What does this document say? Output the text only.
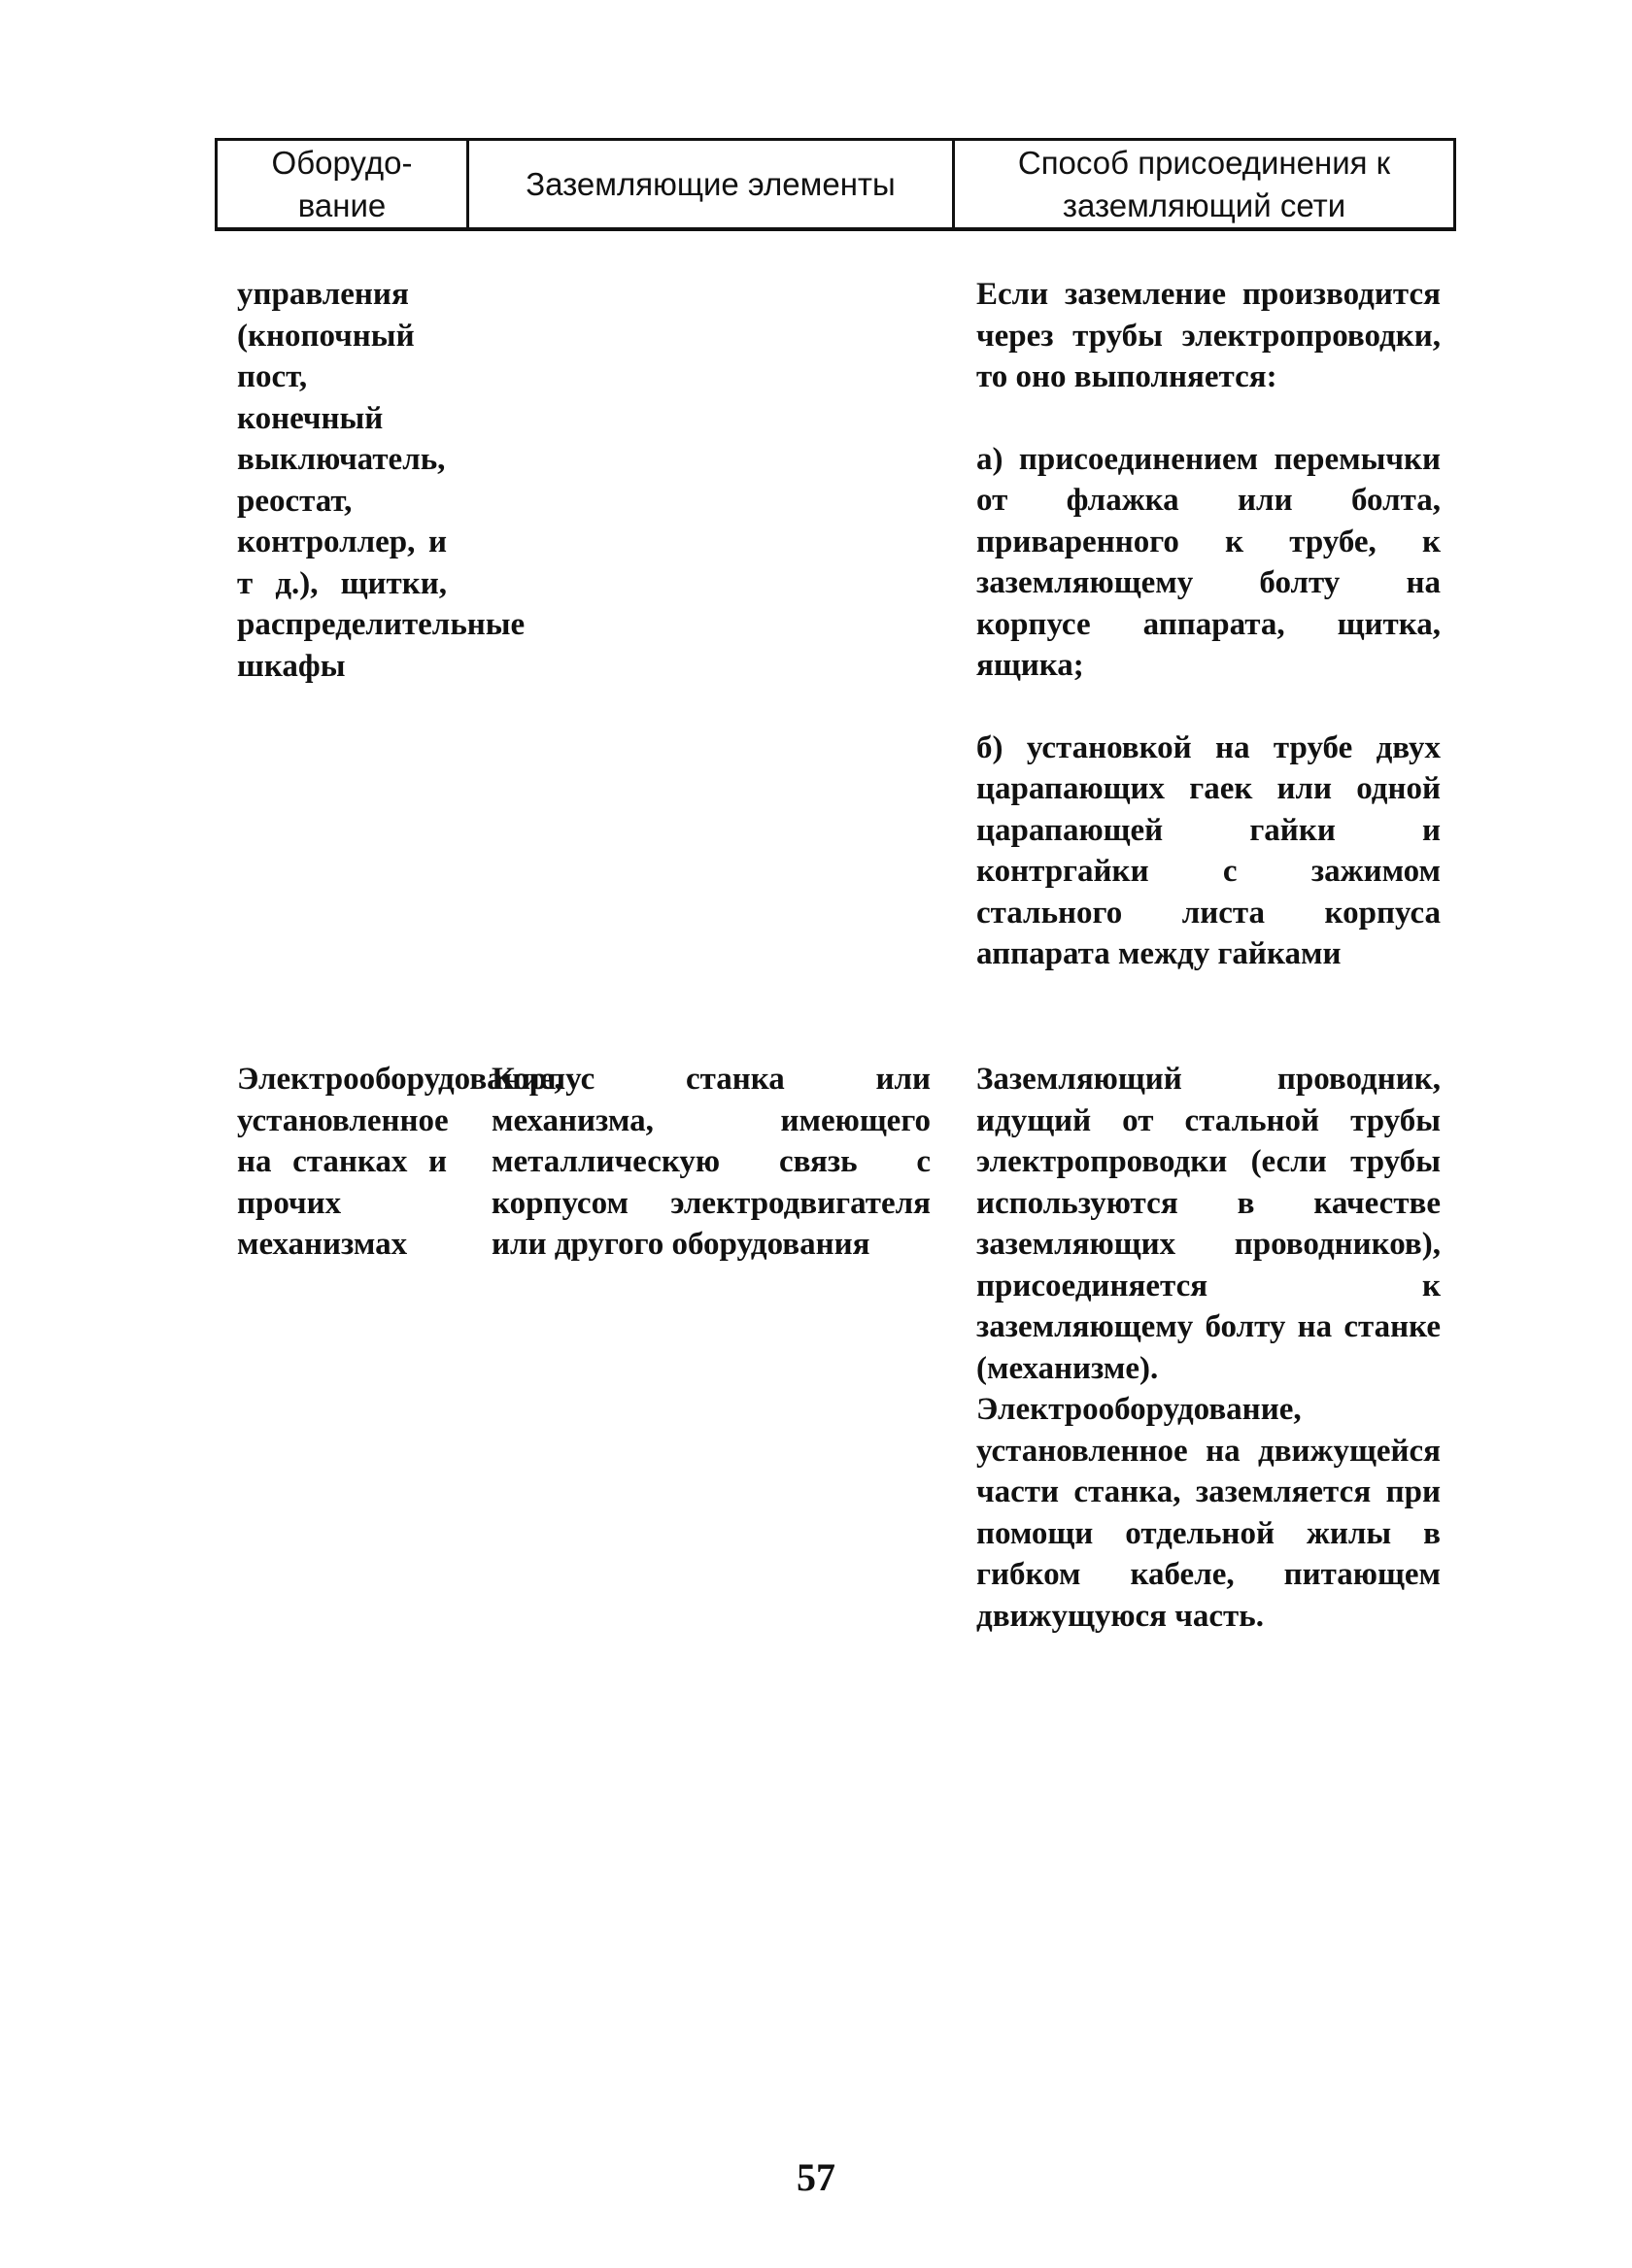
Оборудо-
вание
Заземляющие элементы
Способ присоединения к
заземляющий сети

управления (кнопочный пост, конечный выключатель, реостат, контроллер, и т д.), щитки, распределительные шкафы

Если заземление производится через трубы электропроводки, то оно выполняется:

а) присоединением перемычки от флажка или болта, приваренного к трубе, к заземляющему болту на корпусе аппарата, щитка, ящика;

б) установкой на трубе двух царапающих гаек или одной царапающей гайки и контргайки с зажимом стального листа корпуса аппарата между гайками

Электрооборудование, установленное на станках и прочих механизмах

Корпус станка или механизма, имеющего металлическую связь с корпусом электродвигателя или другого оборудования

Заземляющий проводник, идущий от стальной трубы электропроводки (если трубы используются в качестве заземляющих проводников), присоединяется к заземляющему болту на станке (механизме). Электрооборудование, установленное на движущейся части станка, заземляется при помощи отдельной жилы в гибком кабеле, питающем движущуюся часть.

57
